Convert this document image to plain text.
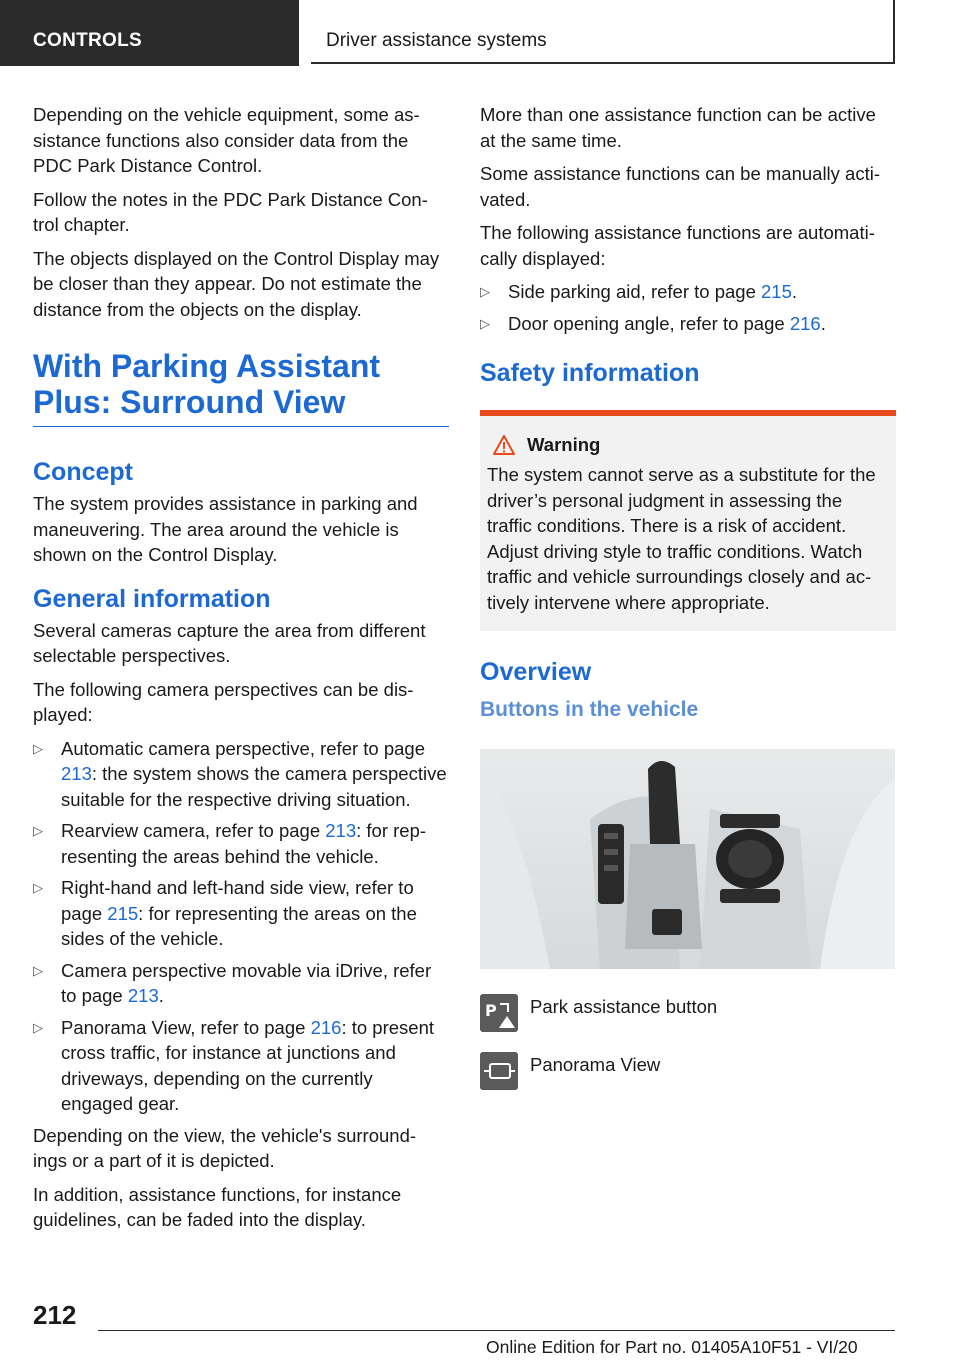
CONTROLS	Driver assistance systems

Depending on the vehicle equipment, some as-sistance functions also consider data from the PDC Park Distance Control.

Follow the notes in the PDC Park Distance Con-trol chapter.

The objects displayed on the Control Display may be closer than they appear. Do not estimate the distance from the objects on the display.

With Parking Assistant Plus: Surround View
Concept

The system provides assistance in parking and maneuvering. The area around the vehicle is shown on the Control Display.

General information

Several cameras capture the area from different selectable perspectives.

The following camera perspectives can be dis-played:

▷ Automatic camera perspective, refer to page 213: the system shows the camera perspective suitable for the respective driving situation.
▷ Rearview camera, refer to page 213: for rep-resenting the areas behind the vehicle.
▷ Right-hand and left-hand side view, refer to page 215: for representing the areas on the sides of the vehicle.
▷ Camera perspective movable via iDrive, refer to page 213.
▷ Panorama View, refer to page 216: to present cross traffic, for instance at junctions and driveways, depending on the currently engaged gear.

Depending on the view, the vehicle's surround-ings or a part of it is depicted.

In addition, assistance functions, for instance guidelines, can be faded into the display.

More than one assistance function can be active at the same time.

Some assistance functions can be manually acti-vated.

The following assistance functions are automati-cally displayed:

▷ Side parking aid, refer to page 215.
▷ Door opening angle, refer to page 216.
Safety information
Warning

The system cannot serve as a substitute for the driver’s personal judgment in assessing the traffic conditions. There is a risk of accident. Adjust driving style to traffic conditions. Watch traffic and vehicle surroundings closely and ac-tively intervene where appropriate.

Overview
Buttons in the vehicle
P Park assistance button
Panorama View
212
Online Edition for Part no. 01405A10F51 - VI/20
